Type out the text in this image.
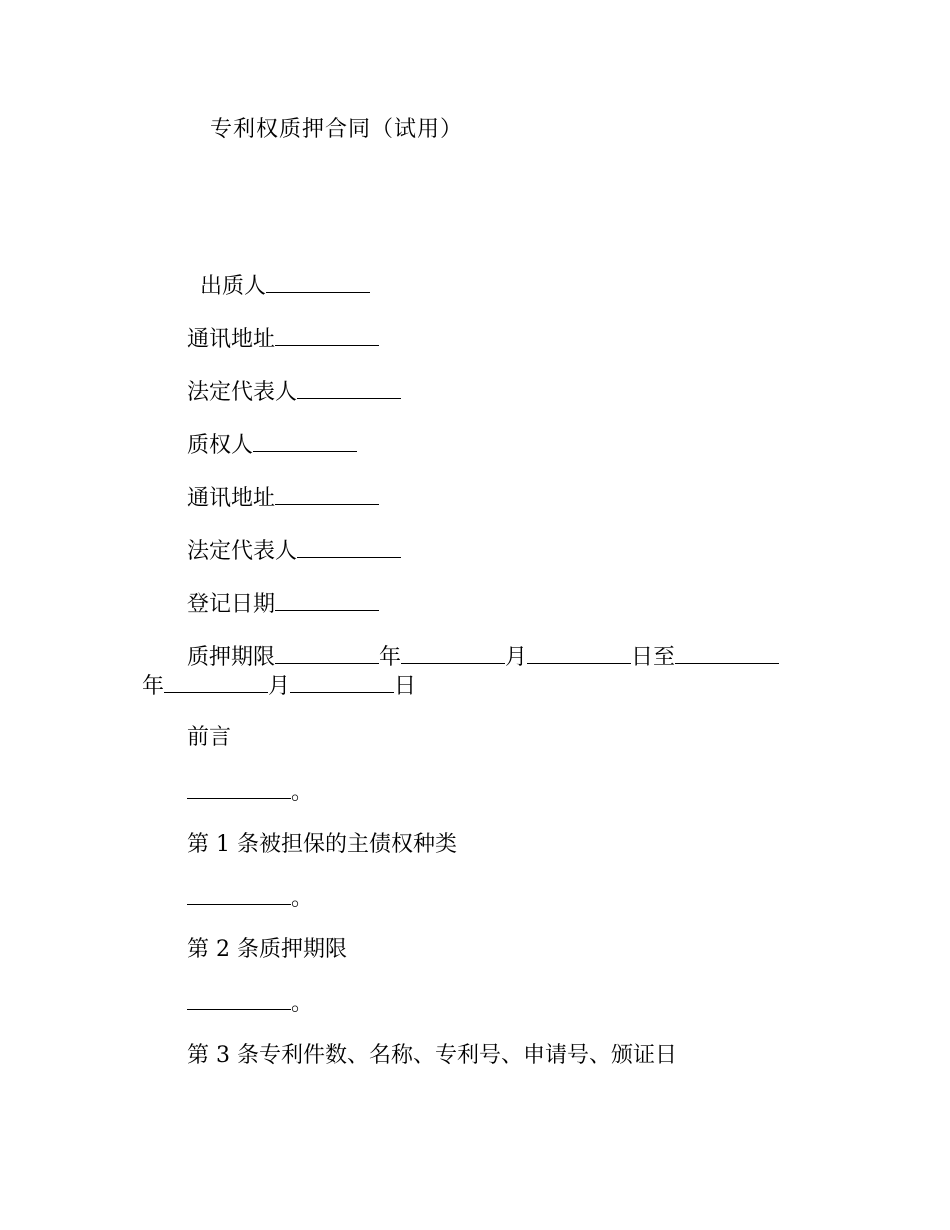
专利权质押合同（试用）
出质人
通讯地址
法定代表人
质权人
通讯地址
法定代表人
登记日期
质押期限	年	月	日至
年	月	日
前言
。
第 1 条被担保的主债权种类
。
第 2 条质押期限
。
第 3 条专利件数、名称、专利号、申请号、颁证日
